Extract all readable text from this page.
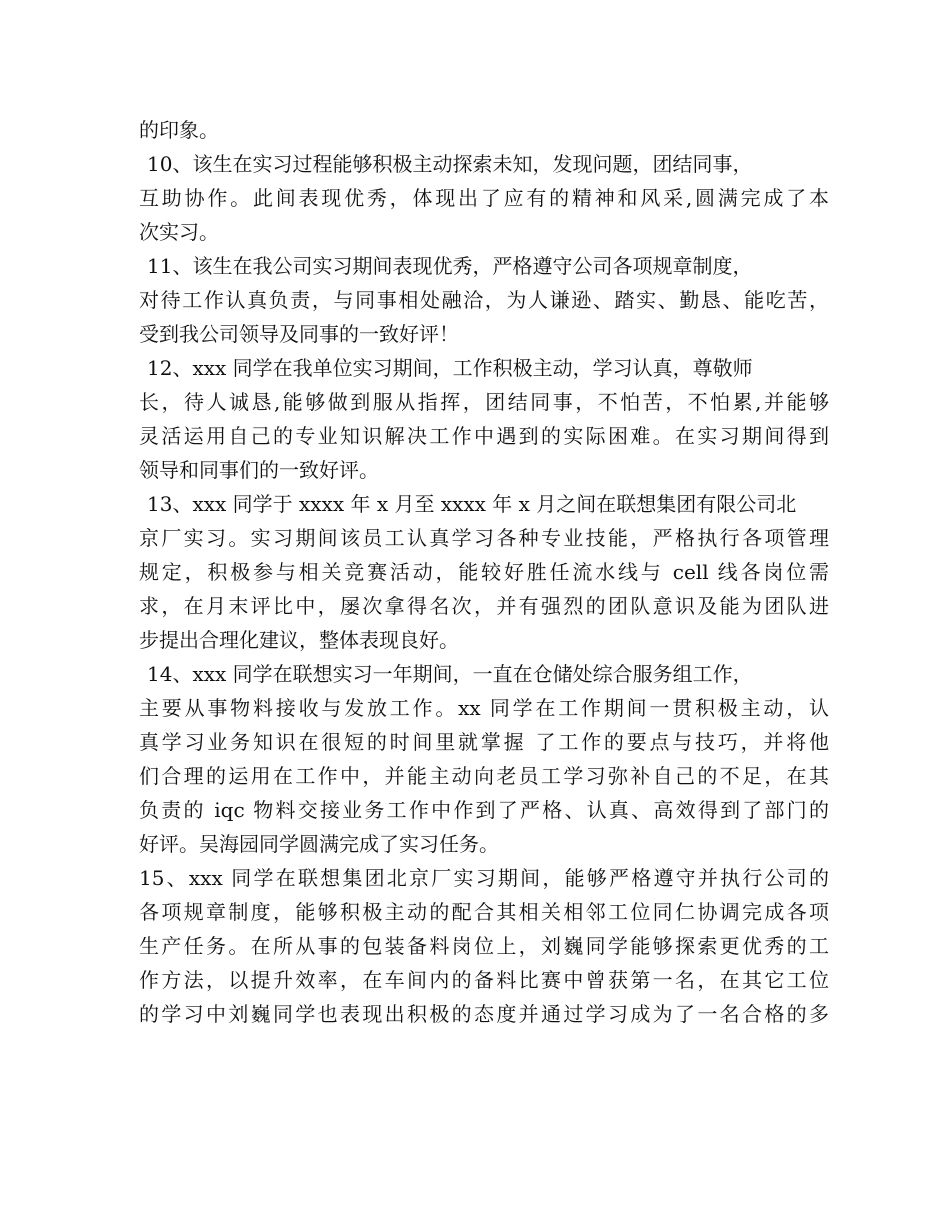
的印象。
10、该生在实习过程能够积极主动探索未知，发现问题，团结同事，
互助协作。此间表现优秀，体现出了应有的精神和风采,圆满完成了本
次实习。
11、该生在我公司实习期间表现优秀，严格遵守公司各项规章制度，
对待工作认真负责，与同事相处融洽，为人谦逊、踏实、勤恳、能吃苦，
受到我公司领导及同事的一致好评！
12、xxx 同学在我单位实习期间，工作积极主动，学习认真，尊敬师
长，待人诚恳,能够做到服从指挥，团结同事，不怕苦，不怕累,并能够
灵活运用自己的专业知识解决工作中遇到的实际困难。在实习期间得到
领导和同事们的一致好评。
13、xxx 同学于 xxxx 年 x 月至 xxxx 年 x 月之间在联想集团有限公司北
京厂实习。实习期间该员工认真学习各种专业技能，严格执行各项管理
规定，积极参与相关竞赛活动，能较好胜任流水线与 cell 线各岗位需
求，在月末评比中，屡次拿得名次，并有强烈的团队意识及能为团队进
步提出合理化建议，整体表现良好。
14、xxx 同学在联想实习一年期间，一直在仓储处综合服务组工作，
主要从事物料接收与发放工作。xx 同学在工作期间一贯积极主动，认
真学习业务知识在很短的时间里就掌握 了工作的要点与技巧，并将他
们合理的运用在工作中，并能主动向老员工学习弥补自己的不足，在其
负责的 iqc 物料交接业务工作中作到了严格、认真、高效得到了部门的
好评。吴海园同学圆满完成了实习任务。
15、xxx 同学在联想集团北京厂实习期间，能够严格遵守并执行公司的
各项规章制度，能够积极主动的配合其相关相邻工位同仁协调完成各项
生产任务。在所从事的包装备料岗位上，刘巍同学能够探索更优秀的工
作方法，以提升效率，在车间内的备料比赛中曾获第一名，在其它工位
的学习中刘巍同学也表现出积极的态度并通过学习成为了一名合格的多
